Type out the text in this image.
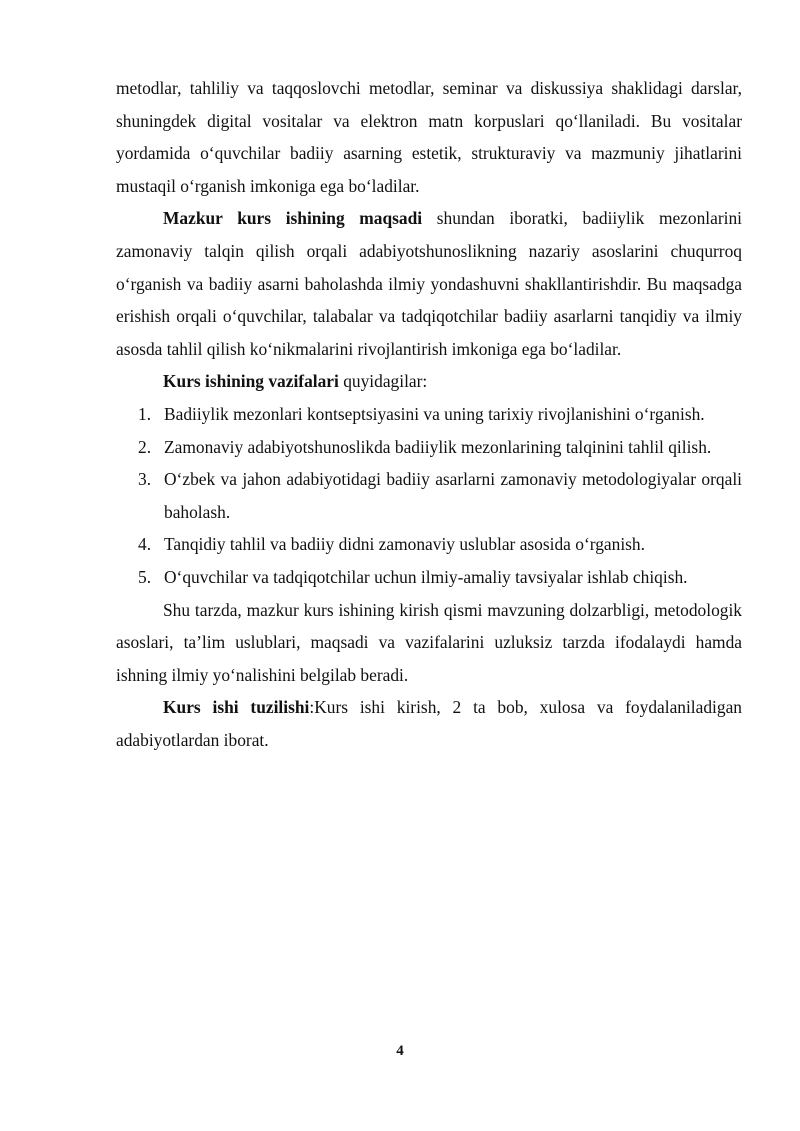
metodlar, tahliliy va taqqoslovchi metodlar, seminar va diskussiya shaklidagi darslar, shuningdek digital vositalar va elektron matn korpuslari qo‘llaniladi. Bu vositalar yordamida o‘quvchilar badiiy asarning estetik, strukturaviy va mazmuniy jihatlarini mustaqil o‘rganish imkoniga ega bo‘ladilar.

Mazkur kurs ishining maqsadi shundan iboratki, badiiylik mezonlarini zamonaviy talqin qilish orqali adabiyotshunoslikning nazariy asoslarini chuqurroq o‘rganish va badiiy asarni baholashda ilmiy yondashuvni shakllantirishdir. Bu maqsadga erishish orqali o‘quvchilar, talabalar va tadqiqotchilar badiiy asarlarni tanqidiy va ilmiy asosda tahlil qilish ko‘nikmalarini rivojlantirish imkoniga ega bo‘ladilar.

Kurs ishining vazifalari quyidagilar:

1. Badiiylik mezonlari kontseptsiyasini va uning tarixiy rivojlanishini o‘rganish.
2. Zamonaviy adabiyotshunoslikda badiiylik mezonlarining talqinini tahlil qilish.
3. O‘zbek va jahon adabiyotidagi badiiy asarlarni zamonaviy metodologiyalar orqali baholash.
4. Tanqidiy tahlil va badiiy didni zamonaviy uslublar asosida o‘rganish.
5. O‘quvchilar va tadqiqotchilar uchun ilmiy-amaliy tavsiyalar ishlab chiqish.

Shu tarzda, mazkur kurs ishining kirish qismi mavzuning dolzarbligi, metodologik asoslari, ta’lim uslublari, maqsadi va vazifalarini uzluksiz tarzda ifodalaydi hamda ishning ilmiy yo‘nalishini belgilab beradi.

Kurs ishi tuzilishi:Kurs ishi kirish, 2 ta bob, xulosa va foydalaniladigan adabiyotlardan iborat.

4
